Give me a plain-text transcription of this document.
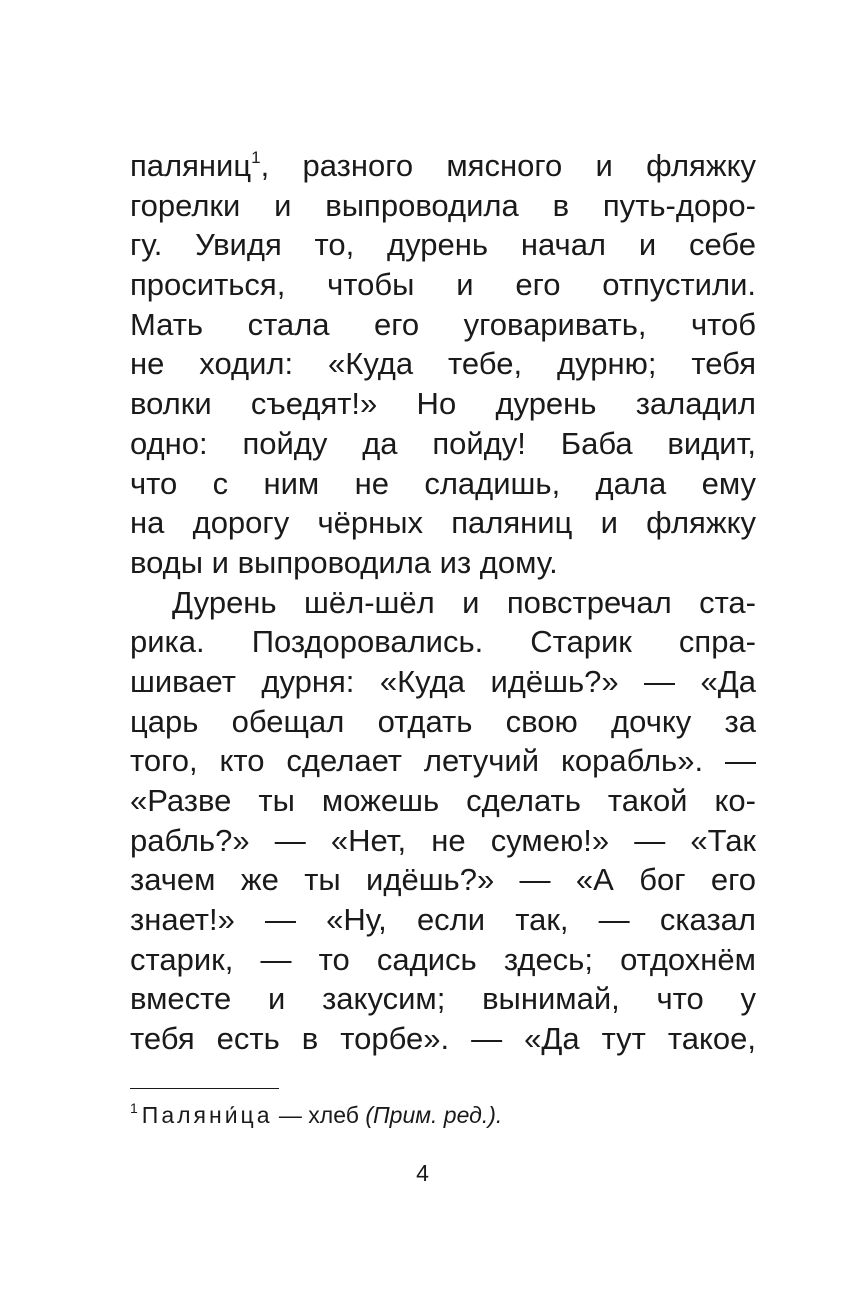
паляниц$^1$, разного мясного и фляжку
горелки и выпроводила в путь-доро-
гу. Увидя то, дурень начал и себе
проситься, чтобы и его отпустили.
Мать стала его уговаривать, чтоб
не ходил: «Куда тебе, дурню; тебя
волки съедят!» Но дурень заладил
одно: пойду да пойду! Баба видит,
что с ним не сладишь, дала ему
на дорогу чёрных паляниц и фляжку
воды и выпроводила из дому.
Дурень шёл-шёл и повстречал ста-
рика. Поздоровались. Старик спра-
шивает дурня: «Куда идёшь?» — «Да
царь обещал отдать свою дочку за
того, кто сделает летучий корабль». —
«Разве ты можешь сделать такой ко-
рабль?» — «Нет, не сумею!» — «Так
зачем же ты идёшь?» — «А бог его
знает!» — «Ну, если так, — сказал
старик, — то садись здесь; отдохнём
вместе и закусим; вынимай, что у
тебя есть в торбе». — «Да тут такое,
$^1$ Паляни́ца — хлеб (Прим. ред.).
4
